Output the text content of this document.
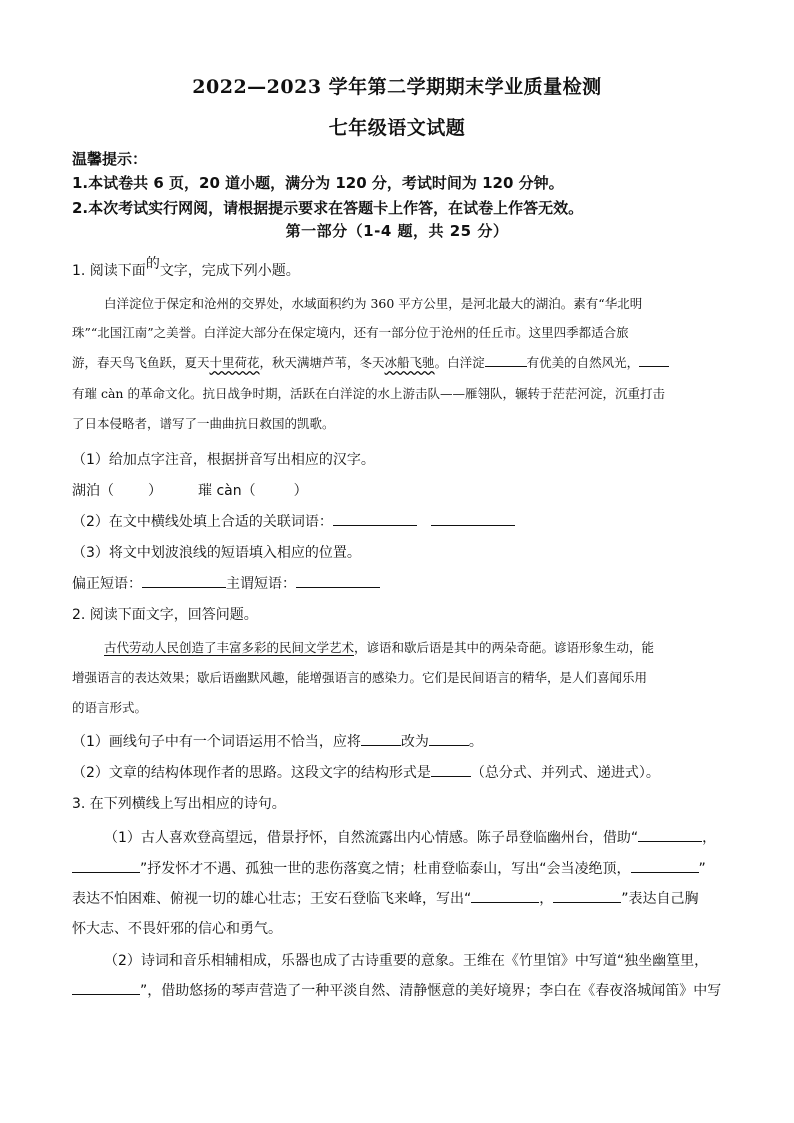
2022—2023 学年第二学期期末学业质量检测
七年级语文试题
温馨提示：
1.本试卷共 6 页，20 道小题，满分为 120 分，考试时间为 120 分钟。
2.本次考试实行网阅，请根据提示要求在答题卡上作答，在试卷上作答无效。
第一部分（1-4 题，共 25 分）
1. 阅读下面的文字，完成下列小题。
白洋淀位于保定和沧州的交界处，水域面积约为 360 平方公里，是河北最大的湖泊。素有“华北明
珠”“北国江南”之美誉。白洋淀大部分在保定境内，还有一部分位于沧州的任丘市。这里四季都适合旅
游，春天鸟飞鱼跃，夏天十里荷花，秋天满塘芦苇，冬天冰船飞驰。白洋淀	有优美的自然风光，
有璀 càn 的革命文化。抗日战争时期，活跃在白洋淀的水上游击队——雁翎队，辗转于茫茫河淀，沉重打击
了日本侵略者，谱写了一曲曲抗日救国的凯歌。
（1）给加点字注音，根据拼音写出相应的汉字。
湖泊（ ）	璀 càn（	）
（2）在文中横线处填上合适的关联词语：
（3）将文中划波浪线的短语填入相应的位置。
偏正短语：	主谓短语：
2. 阅读下面文字，回答问题。
古代劳动人民创造了丰富多彩的民间文学艺术，谚语和歇后语是其中的两朵奇葩。谚语形象生动，能
增强语言的表达效果；歇后语幽默风趣，能增强语言的感染力。它们是民间语言的精华，是人们喜闻乐用
的语言形式。
（1）画线句子中有一个词语运用不恰当，应将	改为	。
（2）文章的结构体现作者的思路。这段文字的结构形式是	（总分式、并列式、递进式）。
3. 在下列横线上写出相应的诗句。
（1）古人喜欢登高望远，借景抒怀，自然流露出内心情感。陈子昂登临幽州台，借助“	，
”抒发怀才不遇、孤独一世的悲伤落寞之情；杜甫登临泰山，写出“会当凌绝顶，	”
表达不怕困难、俯视一切的雄心壮志；王安石登临飞来峰，写出“	，	”表达自己胸
怀大志、不畏奸邪的信心和勇气。
（2）诗词和音乐相辅相成，乐器也成了古诗重要的意象。王维在《竹里馆》中写道“独坐幽篁里，
”，借助悠扬的琴声营造了一种平淡自然、清静惬意的美好境界；李白在《春夜洛城闻笛》中写
